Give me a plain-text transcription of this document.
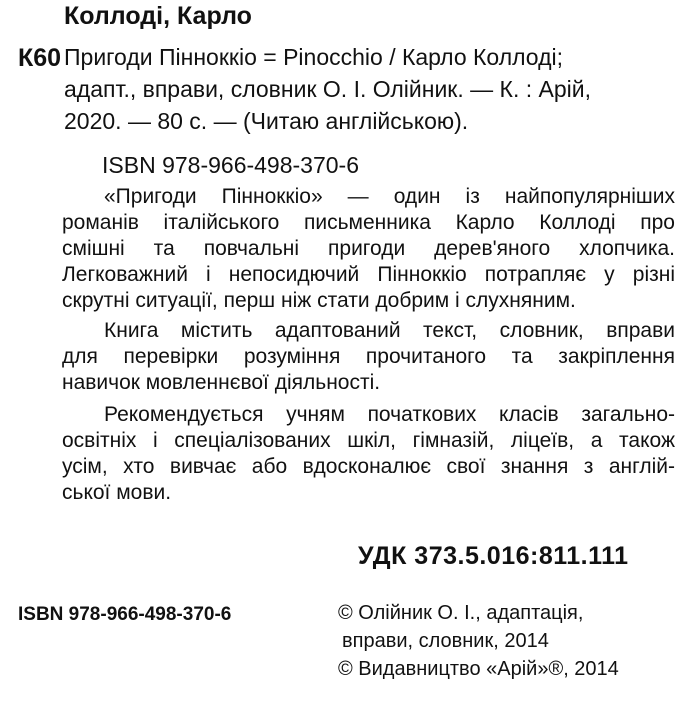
Коллоді, Карло
К60 Пригоди Пінноккіо = Pinocchio / Карло Коллоді;
адапт., вправи, словник О. І. Олійник. — К. : Арій,
2020. — 80 с. — (Читаю англійською).
ISBN 978-966-498-370-6
«Пригоди Пінноккіо» — один із найпопулярніших
романів італійського письменника Карло Коллоді про
смішні та повчальні пригоди дерев'яного хлопчика.
Легковажний і непосидючий Пінноккіо потрапляє у різні
скрутні ситуації, перш ніж стати добрим і слухняним.
Книга містить адаптований текст, словник, вправи
для перевірки розуміння прочитаного та закріплення
навичок мовленнєвої діяльності.
Рекомендується учням початкових класів загально-
освітніх і спеціалізованих шкіл, гімназій, ліцеїв, а також
усім, хто вивчає або вдосконалює свої знання з англій-
ської мови.
УДК 373.5.016:811.111
ISBN 978-966-498-370-6	© Олійник О. І., адаптація,
вправи, словник, 2014
© Видавництво «Арій»®, 2014
